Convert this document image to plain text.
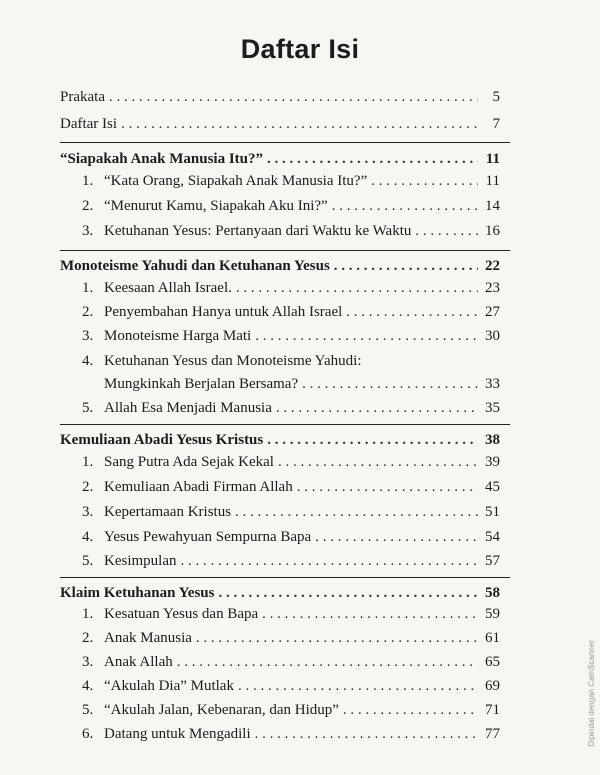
Daftar Isi
Prakata . . .	5
Daftar Isi . . .	7
“Siapakah Anak Manusia Itu?” . . .	11
1. “Kata Orang, Siapakah Anak Manusia Itu?” . . .	11
2. “Menurut Kamu, Siapakah Aku Ini?” . . .	14
3. Ketuhanan Yesus: Pertanyaan dari Waktu ke Waktu . . .	16
Monoteisme Yahudi dan Ketuhanan Yesus . . .	22
1. Keesaan Allah Israel. . . .	23
2. Penyembahan Hanya untuk Allah Israel . . .	27
3. Monoteisme Harga Mati . . .	30
4. Ketuhanan Yesus dan Monoteisme Yahudi:
Mungkinkah Berjalan Bersama? . . .	33
5. Allah Esa Menjadi Manusia . . .	35
Kemuliaan Abadi Yesus Kristus . . .	38
1. Sang Putra Ada Sejak Kekal . . .	39
2. Kemuliaan Abadi Firman Allah . . .	45
3. Kepertamaan Kristus . . .	51
4. Yesus Pewahyuan Sempurna Bapa . . .	54
5. Kesimpulan . . .	57
Klaim Ketuhanan Yesus . . .	58
1. Kesatuan Yesus dan Bapa . . .	59
2. Anak Manusia . . .	61
3. Anak Allah . . .	65
4. “Akulah Dia” Mutlak . . .	69
5. “Akulah Jalan, Kebenaran, dan Hidup” . . .	71
6. Datang untuk Mengadili . . .	77	Dipindai dengan CamScanner
